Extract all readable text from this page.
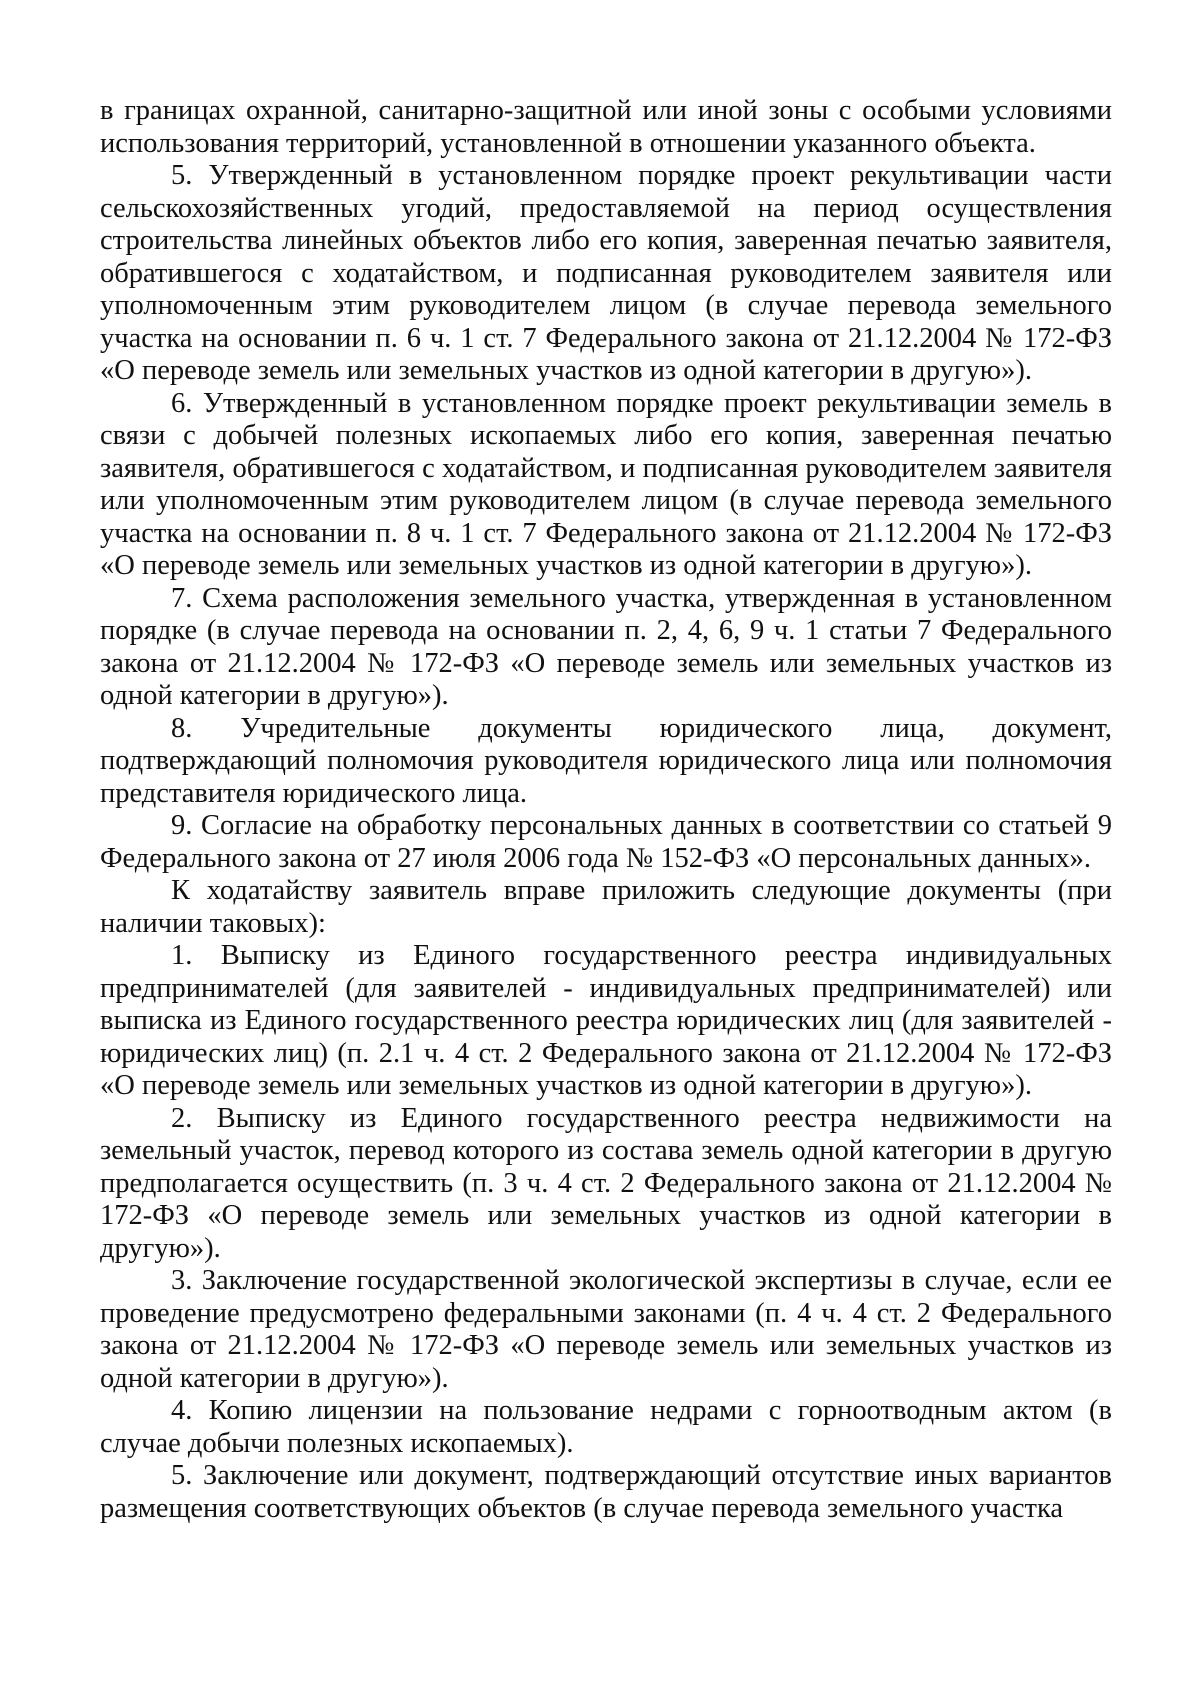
в границах охранной, санитарно-защитной или иной зоны с особыми условиями использования территорий, установленной в отношении указанного объекта.

5. Утвержденный в установленном порядке проект рекультивации части сельскохозяйственных угодий, предоставляемой на период осуществления строительства линейных объектов либо его копия, заверенная печатью заявителя, обратившегося с ходатайством, и подписанная руководителем заявителя или уполномоченным этим руководителем лицом (в случае перевода земельного участка на основании п. 6 ч. 1 ст. 7 Федерального закона от 21.12.2004 № 172-ФЗ «О переводе земель или земельных участков из одной категории в другую»).

6. Утвержденный в установленном порядке проект рекультивации земель в связи с добычей полезных ископаемых либо его копия, заверенная печатью заявителя, обратившегося с ходатайством, и подписанная руководителем заявителя или уполномоченным этим руководителем лицом (в случае перевода земельного участка на основании п. 8 ч. 1 ст. 7 Федерального закона от 21.12.2004 № 172-ФЗ «О переводе земель или земельных участков из одной категории в другую»).

7. Схема расположения земельного участка, утвержденная в установленном порядке (в случае перевода на основании п. 2, 4, 6, 9 ч. 1 статьи 7 Федерального закона от 21.12.2004 № 172-ФЗ «О переводе земель или земельных участков из одной категории в другую»).

8. Учредительные документы юридического лица, документ, подтверждающий полномочия руководителя юридического лица или полномочия представителя юридического лица.

9. Согласие на обработку персональных данных в соответствии со статьей 9 Федерального закона от 27 июля 2006 года № 152-ФЗ «О персональных данных».

К ходатайству заявитель вправе приложить следующие документы (при наличии таковых):

1. Выписку из Единого государственного реестра индивидуальных предпринимателей (для заявителей - индивидуальных предпринимателей) или выписка из Единого государственного реестра юридических лиц (для заявителей - юридических лиц) (п. 2.1 ч. 4 ст. 2 Федерального закона от 21.12.2004 № 172-ФЗ «О переводе земель или земельных участков из одной категории в другую»).

2. Выписку из Единого государственного реестра недвижимости на земельный участок, перевод которого из состава земель одной категории в другую предполагается осуществить (п. 3 ч. 4 ст. 2 Федерального закона от 21.12.2004 № 172-ФЗ «О переводе земель или земельных участков из одной категории в другую»).

3. Заключение государственной экологической экспертизы в случае, если ее проведение предусмотрено федеральными законами (п. 4 ч. 4 ст. 2 Федерального закона от 21.12.2004 № 172-ФЗ «О переводе земель или земельных участков из одной категории в другую»).

4. Копию лицензии на пользование недрами с горноотводным актом (в случае добычи полезных ископаемых).

5. Заключение или документ, подтверждающий отсутствие иных вариантов размещения соответствующих объектов (в случае перевода земельного участка
